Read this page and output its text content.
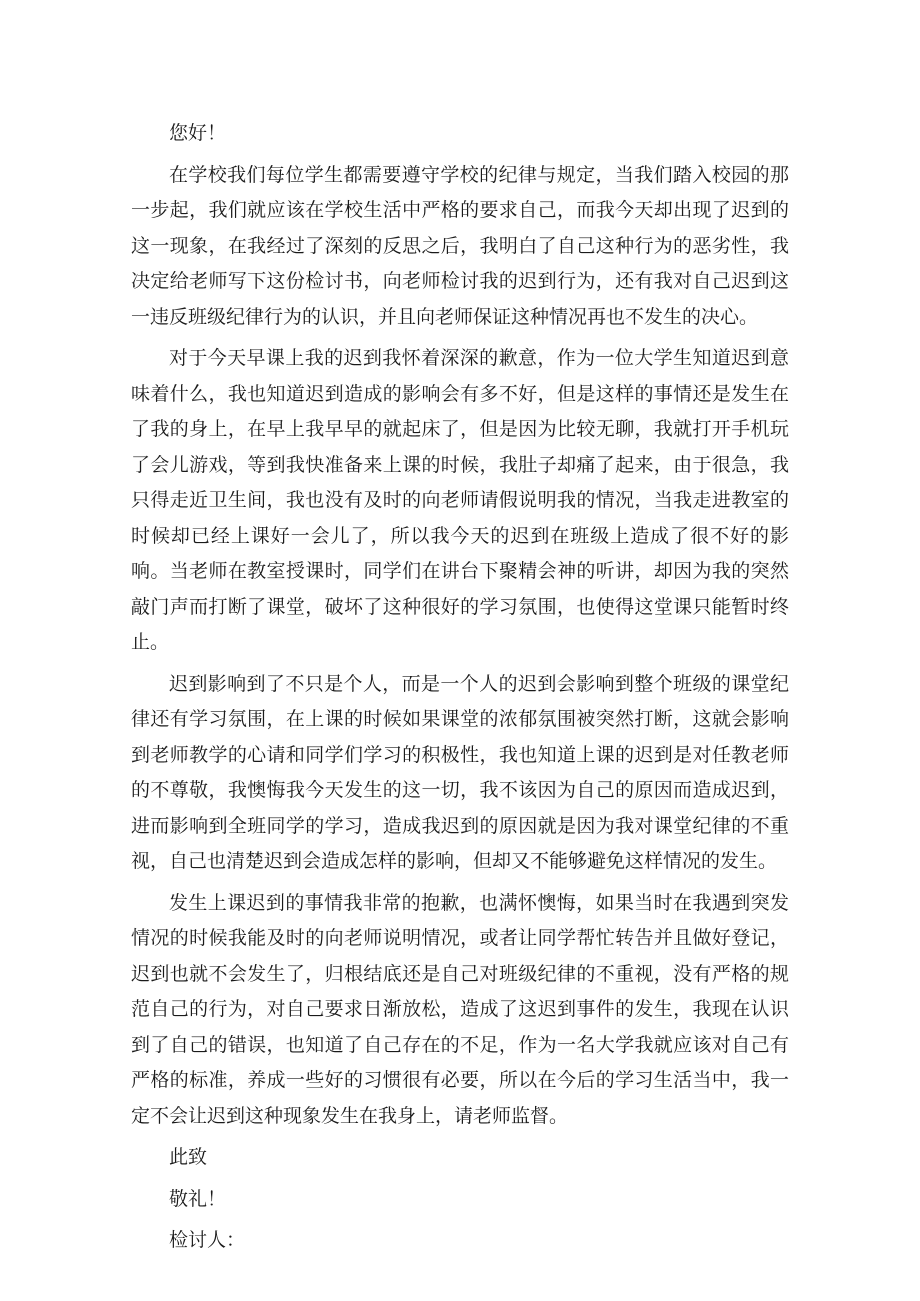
您好！

在学校我们每位学生都需要遵守学校的纪律与规定，当我们踏入校园的那一步起，我们就应该在学校生活中严格的要求自己，而我今天却出现了迟到的这一现象，在我经过了深刻的反思之后，我明白了自己这种行为的恶劣性，我决定给老师写下这份检讨书，向老师检讨我的迟到行为，还有我对自己迟到这一违反班级纪律行为的认识，并且向老师保证这种情况再也不发生的决心。

对于今天早课上我的迟到我怀着深深的歉意，作为一位大学生知道迟到意味着什么，我也知道迟到造成的影响会有多不好，但是这样的事情还是发生在了我的身上，在早上我早早的就起床了，但是因为比较无聊，我就打开手机玩了会儿游戏，等到我快准备来上课的时候，我肚子却痛了起来，由于很急，我只得走近卫生间，我也没有及时的向老师请假说明我的情况，当我走进教室的时候却已经上课好一会儿了，所以我今天的迟到在班级上造成了很不好的影响。当老师在教室授课时，同学们在讲台下聚精会神的听讲，却因为我的突然敲门声而打断了课堂，破坏了这种很好的学习氛围，也使得这堂课只能暂时终止。

迟到影响到了不只是个人，而是一个人的迟到会影响到整个班级的课堂纪律还有学习氛围，在上课的时候如果课堂的浓郁氛围被突然打断，这就会影响到老师教学的心请和同学们学习的积极性，我也知道上课的迟到是对任教老师的不尊敬，我懊悔我今天发生的这一切，我不该因为自己的原因而造成迟到，进而影响到全班同学的学习，造成我迟到的原因就是因为我对课堂纪律的不重视，自己也清楚迟到会造成怎样的影响，但却又不能够避免这样情况的发生。

发生上课迟到的事情我非常的抱歉，也满怀懊悔，如果当时在我遇到突发情况的时候我能及时的向老师说明情况，或者让同学帮忙转告并且做好登记，迟到也就不会发生了，归根结底还是自己对班级纪律的不重视，没有严格的规范自己的行为，对自己要求日渐放松，造成了这迟到事件的发生，我现在认识到了自己的错误，也知道了自己存在的不足，作为一名大学我就应该对自己有严格的标准，养成一些好的习惯很有必要，所以在今后的学习生活当中，我一定不会让迟到这种现象发生在我身上，请老师监督。

此致

敬礼！

检讨人：
